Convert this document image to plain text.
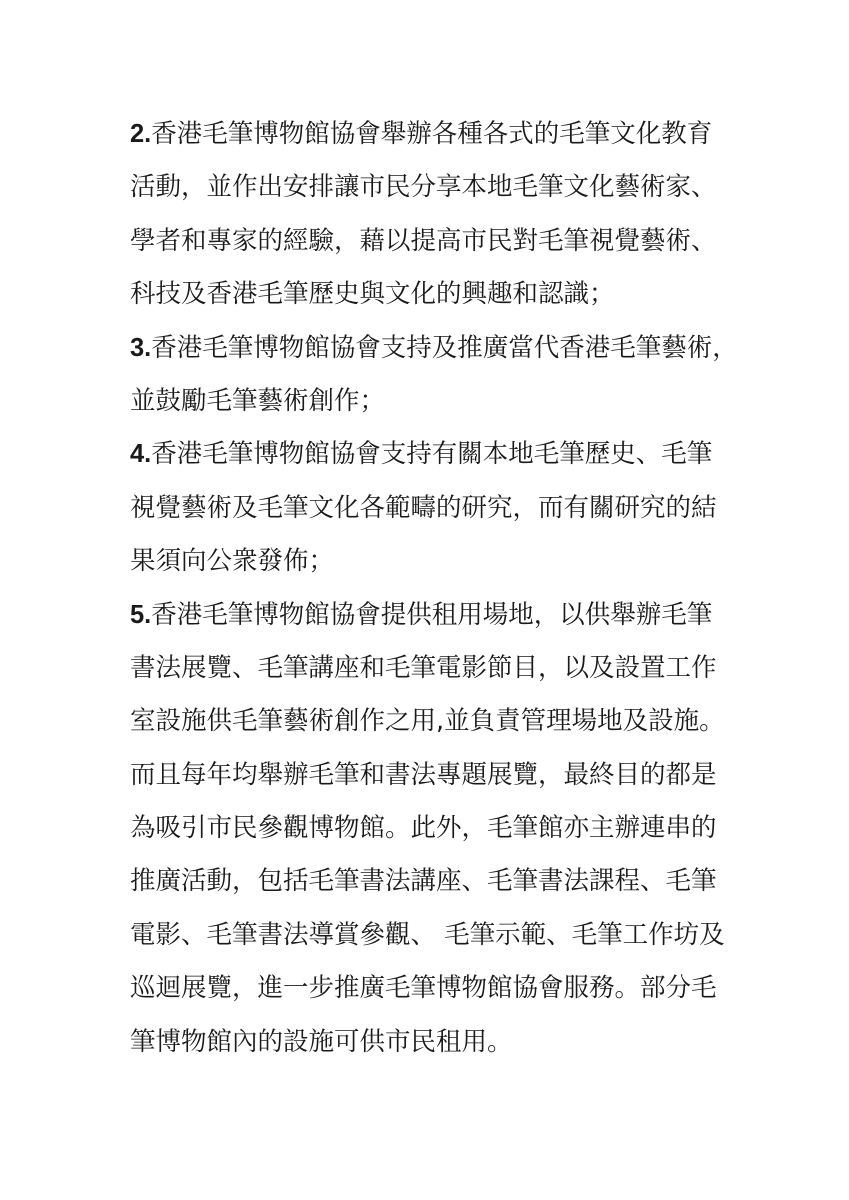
2.香港毛筆博物館協會舉辦各種各式的毛筆文化教育
活動，並作出安排讓市民分享本地毛筆文化藝術家、
學者和專家的經驗，藉以提高市民對毛筆視覺藝術、
科技及香港毛筆歷史與文化的興趣和認識；
3.香港毛筆博物館協會支持及推廣當代香港毛筆藝術，
並鼓勵毛筆藝術創作；
4.香港毛筆博物館協會支持有關本地毛筆歷史、毛筆
視覺藝術及毛筆文化各範疇的研究，而有關研究的結
果須向公衆發佈；
5.香港毛筆博物館協會提供租用場地，以供舉辦毛筆
書法展覽、毛筆講座和毛筆電影節目，以及設置工作
室設施供毛筆藝術創作之用,並負責管理場地及設施。
而且每年均舉辦毛筆和書法專題展覽，最終目的都是
為吸引市民參觀博物館。此外，毛筆館亦主辦連串的
推廣活動，包括毛筆書法講座、毛筆書法課程、毛筆
電影、毛筆書法導賞參觀、 毛筆示範、毛筆工作坊及
巡迴展覽，進一步推廣毛筆博物館協會服務。部分毛
筆博物館內的設施可供市民租用。
